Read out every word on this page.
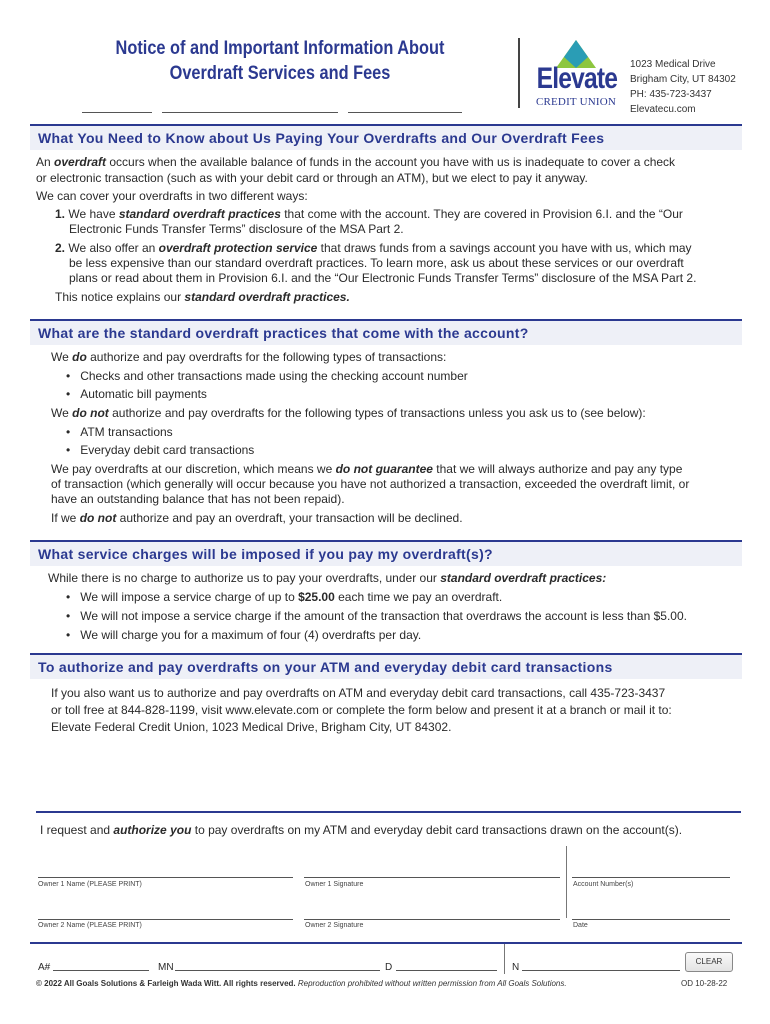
Notice of and Important Information About
Overdraft Services and Fees	Elevate
CREDIT UNION
1023 Medical Drive
Brigham City, UT 84302
PH: 435-723-3437
Elevatecu.com
What You Need to Know about Us Paying Your Overdrafts and Our Overdraft Fees
An overdraft occurs when the available balance of funds in the account you have with us is inadequate to cover a check
or electronic transaction (such as with your debit card or through an ATM), but we elect to pay it anyway.
We can cover your overdrafts in two different ways:
1. We have standard overdraft practices that come with the account. They are covered in Provision 6.I. and the “Our
Electronic Funds Transfer Terms” disclosure of the MSA Part 2.
2. We also offer an overdraft protection service that draws funds from a savings account you have with us, which may
be less expensive than our standard overdraft practices. To learn more, ask us about these services or our overdraft
plans or read about them in Provision 6.I. and the “Our Electronic Funds Transfer Terms” disclosure of the MSA Part 2.
This notice explains our standard overdraft practices.
What are the standard overdraft practices that come with the account?
We do authorize and pay overdrafts for the following types of transactions:
•   Checks and other transactions made using the checking account number
•   Automatic bill payments
We do not authorize and pay overdrafts for the following types of transactions unless you ask us to (see below):
•   ATM transactions
•   Everyday debit card transactions
We pay overdrafts at our discretion, which means we do not guarantee that we will always authorize and pay any type
of transaction (which generally will occur because you have not authorized a transaction, exceeded the overdraft limit, or
have an outstanding balance that has not been repaid).
If we do not authorize and pay an overdraft, your transaction will be declined.
What service charges will be imposed if you pay my overdraft(s)?
While there is no charge to authorize us to pay your overdrafts, under our standard overdraft practices:
•   We will impose a service charge of up to $25.00 each time we pay an overdraft.
•   We will not impose a service charge if the amount of the transaction that overdraws the account is less than $5.00.
•   We will charge you for a maximum of four (4) overdrafts per day.
To authorize and pay overdrafts on your ATM and everyday debit card transactions
If you also want us to authorize and pay overdrafts on ATM and everyday debit card transactions, call 435-723-3437
or toll free at 844-828-1199, visit www.elevate.com or complete the form below and present it at a branch or mail it to:
Elevate Federal Credit Union, 1023 Medical Drive, Brigham City, UT 84302.
I request and authorize you to pay overdrafts on my ATM and everyday debit card transactions drawn on the account(s).
Owner 1 Name (PLEASE PRINT)	Owner 1 Signature	Account Number(s)
Owner 2 Name (PLEASE PRINT)	Owner 2 Signature	Date
A#	MN	D	N
CLEAR
© 2022 All Goals Solutions & Farleigh Wada Witt. All rights reserved. Reproduction prohibited without written permission from All Goals Solutions.	OD 10-28-22
